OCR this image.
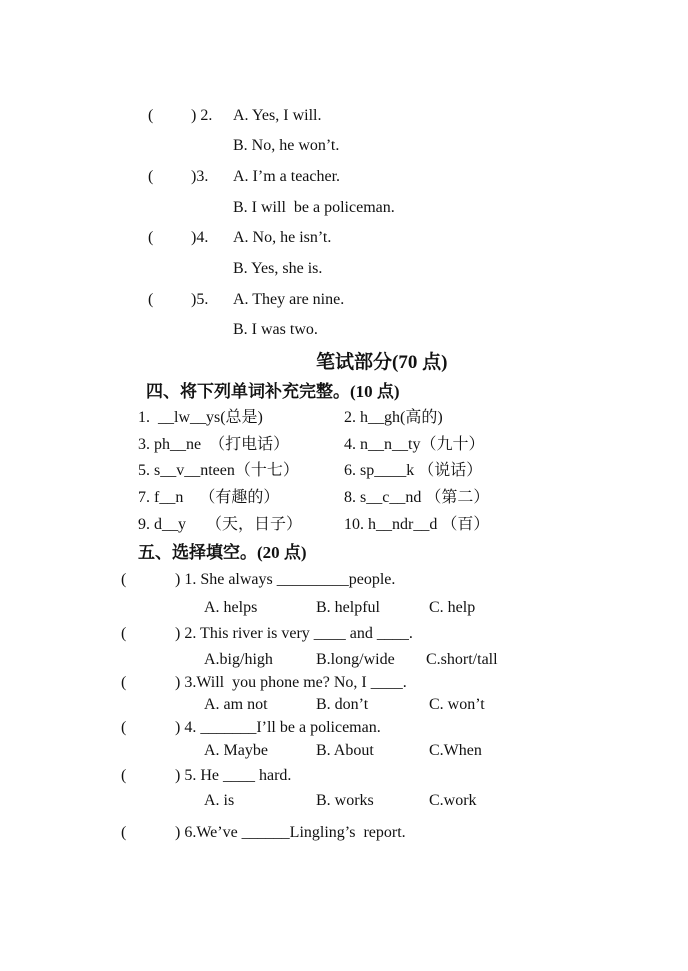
( ) 2. A. Yes, I will.
B. No, he won’t.
( )3. A. I’m a teacher.
B. I will  be a policeman.
( )4. A. No, he isn’t.
B. Yes, she is.
( )5. A. They are nine.
B. I was two.
笔试部分(70 点)
四、将下列单词补充完整。(10 点)
1.  __lw__ys(总是)	2. h__gh(高的)
3. ph__ne  （打电话）	4. n__n__ty（九十）
5. s__v__nteen（十七）	6. sp____k （说话）
7. f__n    （有趣的）	8. s__c__nd （第二）
9. d__y     （天，日子）	10. h__ndr__d （百）
五、选择填空。(20 点)
(	) 1. She always _________people.
A. helps	B. helpful	C. help
(	) 2. This river is very ____ and ____.
A.big/high	B.long/wide C.short/tall
(	) 3.Will  you phone me? No, I ____.
A. am not	B. don’t	C. won’t
(	) 4. _______I’ll be a policeman.
A. Maybe	B. About	C.When
(	) 5. He ____ hard.
A. is	B. works	C.work
(	) 6.We’ve ______Lingling’s  report.
